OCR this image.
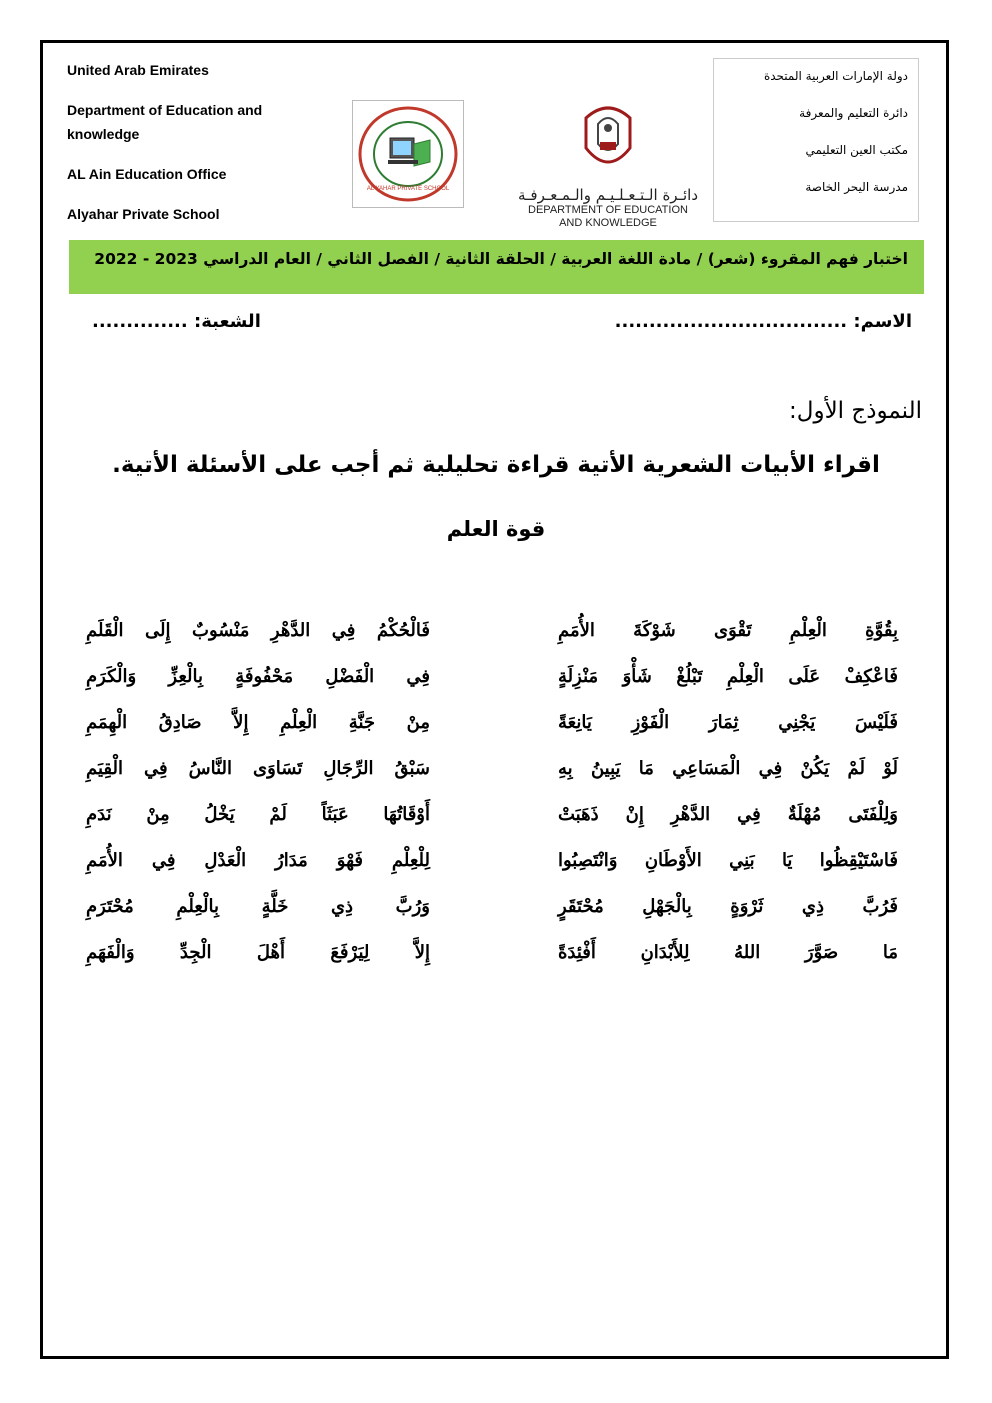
United Arab Emirates
Department of Education and knowledge
AL Ain Education Office
Alyahar Private School
AL YAHAR PRIVATE SCHOOL	دائـرة الـتـعـلـيـم والـمـعـرفـة
DEPARTMENT OF EDUCATION AND KNOWLEDGE
دولة الإمارات العربية المتحدة
دائرة التعليم والمعرفة
مكتب العين التعليمي
مدرسة اليحر الخاصة
اختبار فهم المقروء (شعر) / مادة اللغة العربية / الحلقة الثانية / الفصل الثاني / العام الدراسي 2023 - 2022
الاسم: ..................................
الشعبة: ..............
النموذج الأول:
اقراء الأبيات الشعرية الأتية قراءة تحليلية ثم أجب على الأسئلة الأتية.
قوة العلم
بِقُوَّةِ الْعِلْمِ تَقْوَى شَوْكَةَ الأُمَمِ
فَاعْكِفْ عَلَى الْعِلْمِ تَبْلُغْ شَأْوَ مَنْزِلَةٍ
فَلَيْسَ يَجْنِي ثِمَارَ الْفَوْزِ يَانِعَةً
لَوْ لَمْ يَكُنْ فِي الْمَسَاعِي مَا يَبِينُ بِهِ
وَلِلْفَتَى مُهْلَةٌ فِي الدَّهْرِ إِنْ ذَهَبَتْ
فَاسْتَيْقِظُوا يَا بَنِي الأَوْطَانِ وَانْتَصِبُوا
فَرُبَّ ذِي ثَرْوَةٍ بِالْجَهْلِ مُحْتَقَرٍ
مَا صَوَّرَ اللهُ لِلأَبْدَانِ أَفْئِدَةً
فَالْحُكْمُ فِي الدَّهْرِ مَنْسُوبٌ إِلَى الْقَلَمِ
فِي الْفَضْلِ مَحْفُوفَةٍ بِالْعِزِّ وَالْكَرَمِ
مِنْ جَنَّةِ الْعِلْمِ إِلاَّ صَادِقُ الْهِمَمِ
سَبْقُ الرِّجَالِ تَسَاوَى النَّاسُ فِي الْقِيَمِ
أَوْقَاتُهَا عَبَثَاً لَمْ يَخْلُ مِنْ نَدَمِ
لِلْعِلْمِ فَهْوَ مَدَارُ الْعَدْلِ فِي الأُمَمِ
وَرُبَّ ذِي خَلَّةٍ بِالْعِلْمِ مُحْتَرَمِ
إِلاَّ لِيَرْفَعَ أَهْلَ الْجِدِّ وَالْفَهَمِ
